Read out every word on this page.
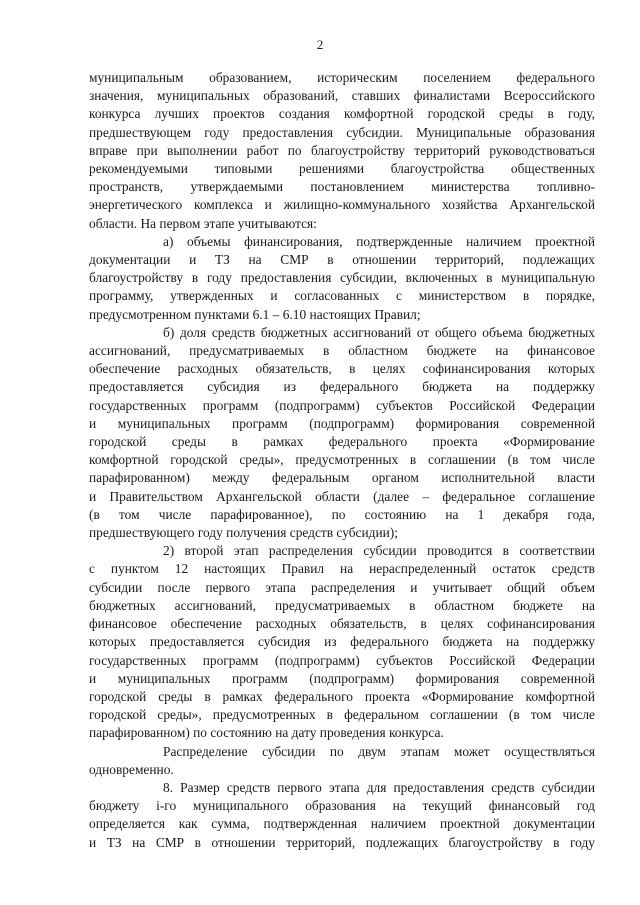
2
муниципальным образованием, историческим поселением федерального
значения, муниципальных образований, ставших финалистами Всероссийского
конкурса лучших проектов создания комфортной городской среды в году,
предшествующем году предоставления субсидии. Муниципальные образования
вправе при выполнении работ по благоустройству территорий руководствоваться
рекомендуемыми типовыми решениями благоустройства общественных
пространств, утверждаемыми постановлением министерства топливно-
энергетического комплекса и жилищно-коммунального хозяйства Архангельской
области. На первом этапе учитываются:
а) объемы финансирования, подтвержденные наличием проектной
документации и ТЗ на СМР в отношении территорий, подлежащих
благоустройству в году предоставления субсидии, включенных в муниципальную
программу, утвержденных и согласованных с министерством в порядке,
предусмотренном пунктами 6.1 – 6.10 настоящих Правил;
б) доля средств бюджетных ассигнований от общего объема бюджетных
ассигнований, предусматриваемых в областном бюджете на финансовое
обеспечение расходных обязательств, в целях софинансирования которых
предоставляется субсидия из федерального бюджета на поддержку
государственных программ (подпрограмм) субъектов Российской Федерации
и муниципальных программ (подпрограмм) формирования современной
городской среды в рамках федерального проекта «Формирование
комфортной городской среды», предусмотренных в соглашении (в том числе
парафированном) между федеральным органом исполнительной власти
и Правительством Архангельской области (далее – федеральное соглашение
(в том числе парафированное), по состоянию на 1 декабря года,
предшествующего году получения средств субсидии);
2) второй этап распределения субсидии проводится в соответствии
с пунктом 12 настоящих Правил на нераспределенный остаток средств
субсидии после первого этапа распределения и учитывает общий объем
бюджетных ассигнований, предусматриваемых в областном бюджете на
финансовое обеспечение расходных обязательств, в целях софинансирования
которых предоставляется субсидия из федерального бюджета на поддержку
государственных программ (подпрограмм) субъектов Российской Федерации
и муниципальных программ (подпрограмм) формирования современной
городской среды в рамках федерального проекта «Формирование комфортной
городской среды», предусмотренных в федеральном соглашении (в том числе
парафированном) по состоянию на дату проведения конкурса.
Распределение субсидии по двум этапам может осуществляться
одновременно.
8. Размер средств первого этапа для предоставления средств субсидии
бюджету i-го муниципального образования на текущий финансовый год
определяется как сумма, подтвержденная наличием проектной документации
и ТЗ на СМР в отношении территорий, подлежащих благоустройству в году
